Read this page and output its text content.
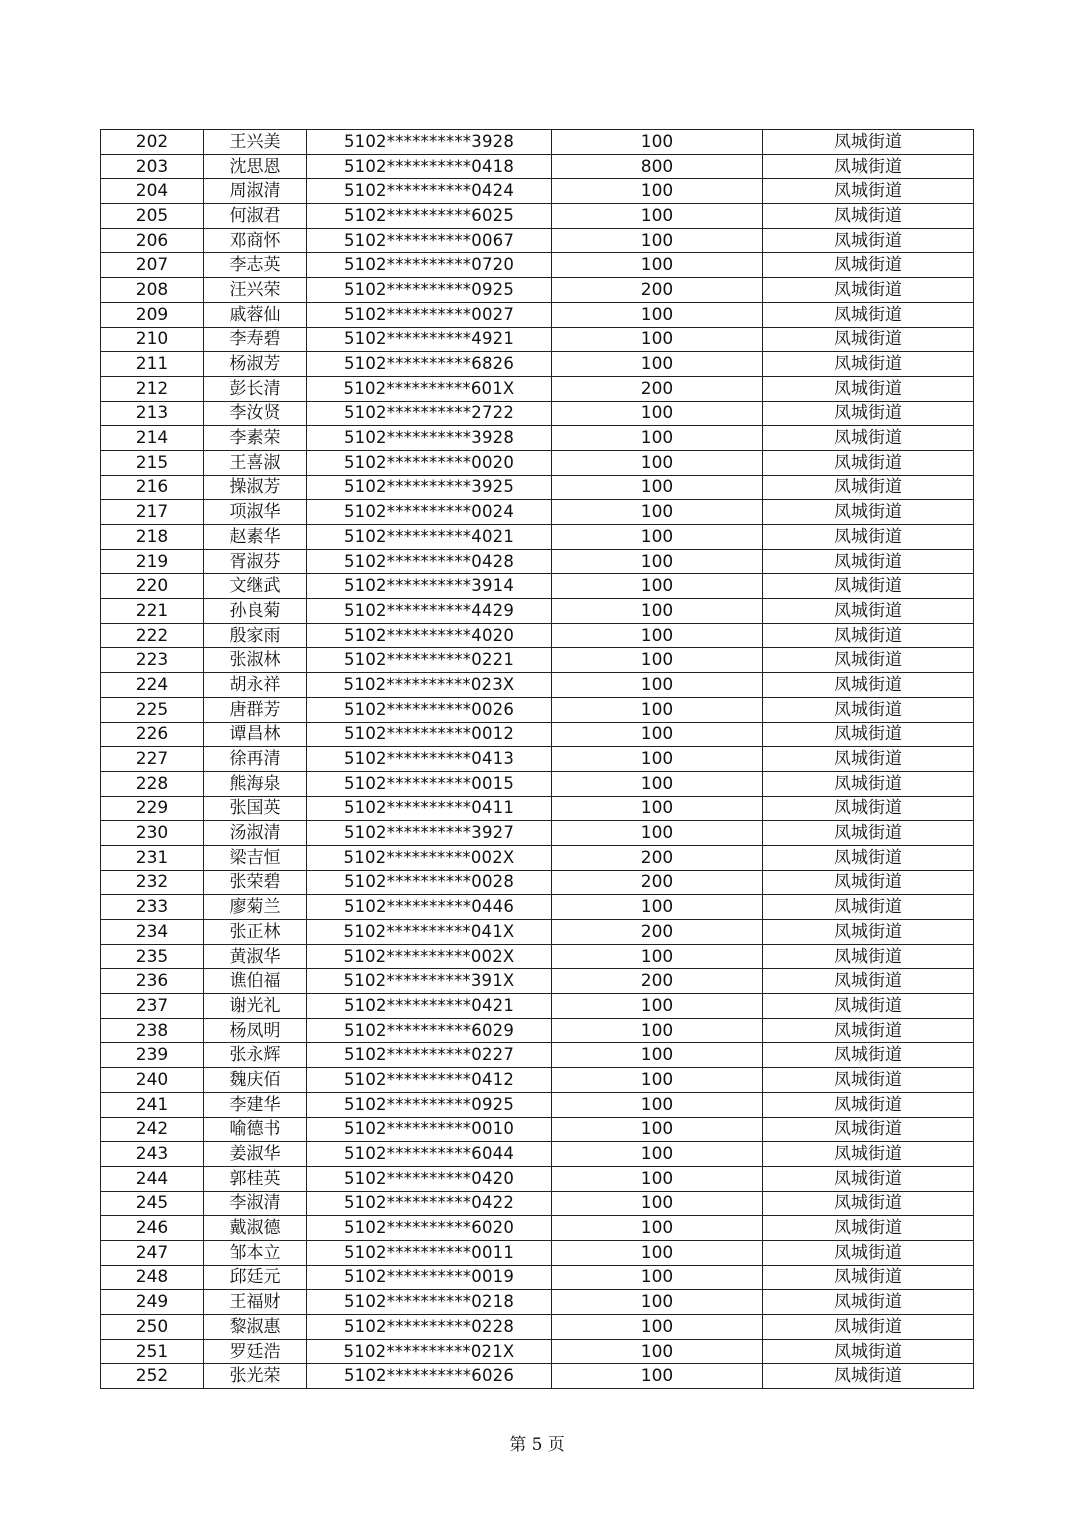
202	王兴美	5102**********3928	100	凤城街道
203	沈思恩	5102**********0418	800	凤城街道
204	周淑清	5102**********0424	100	凤城街道
205	何淑君	5102**********6025	100	凤城街道
206	邓商怀	5102**********0067	100	凤城街道
207	李志英	5102**********0720	100	凤城街道
208	汪兴荣	5102**********0925	200	凤城街道
209	戚蓉仙	5102**********0027	100	凤城街道
210	李寿碧	5102**********4921	100	凤城街道
211	杨淑芳	5102**********6826	100	凤城街道
212	彭长清	5102**********601X	200	凤城街道
213	李汝贤	5102**********2722	100	凤城街道
214	李素荣	5102**********3928	100	凤城街道
215	王喜淑	5102**********0020	100	凤城街道
216	操淑芳	5102**********3925	100	凤城街道
217	项淑华	5102**********0024	100	凤城街道
218	赵素华	5102**********4021	100	凤城街道
219	胥淑芬	5102**********0428	100	凤城街道
220	文继武	5102**********3914	100	凤城街道
221	孙良菊	5102**********4429	100	凤城街道
222	殷家雨	5102**********4020	100	凤城街道
223	张淑林	5102**********0221	100	凤城街道
224	胡永祥	5102**********023X	100	凤城街道
225	唐群芳	5102**********0026	100	凤城街道
226	谭昌林	5102**********0012	100	凤城街道
227	徐再清	5102**********0413	100	凤城街道
228	熊海泉	5102**********0015	100	凤城街道
229	张国英	5102**********0411	100	凤城街道
230	汤淑清	5102**********3927	100	凤城街道
231	梁吉恒	5102**********002X	200	凤城街道
232	张荣碧	5102**********0028	200	凤城街道
233	廖菊兰	5102**********0446	100	凤城街道
234	张正林	5102**********041X	200	凤城街道
235	黄淑华	5102**********002X	100	凤城街道
236	谯伯福	5102**********391X	200	凤城街道
237	谢光礼	5102**********0421	100	凤城街道
238	杨凤明	5102**********6029	100	凤城街道
239	张永辉	5102**********0227	100	凤城街道
240	魏庆佰	5102**********0412	100	凤城街道
241	李建华	5102**********0925	100	凤城街道
242	喻德书	5102**********0010	100	凤城街道
243	姜淑华	5102**********6044	100	凤城街道
244	郭桂英	5102**********0420	100	凤城街道
245	李淑清	5102**********0422	100	凤城街道
246	戴淑德	5102**********6020	100	凤城街道
247	邹本立	5102**********0011	100	凤城街道
248	邱廷元	5102**********0019	100	凤城街道
249	王福财	5102**********0218	100	凤城街道
250	黎淑惠	5102**********0228	100	凤城街道
251	罗廷浩	5102**********021X	100	凤城街道
252	张光荣	5102**********6026	100	凤城街道
第 5 页
